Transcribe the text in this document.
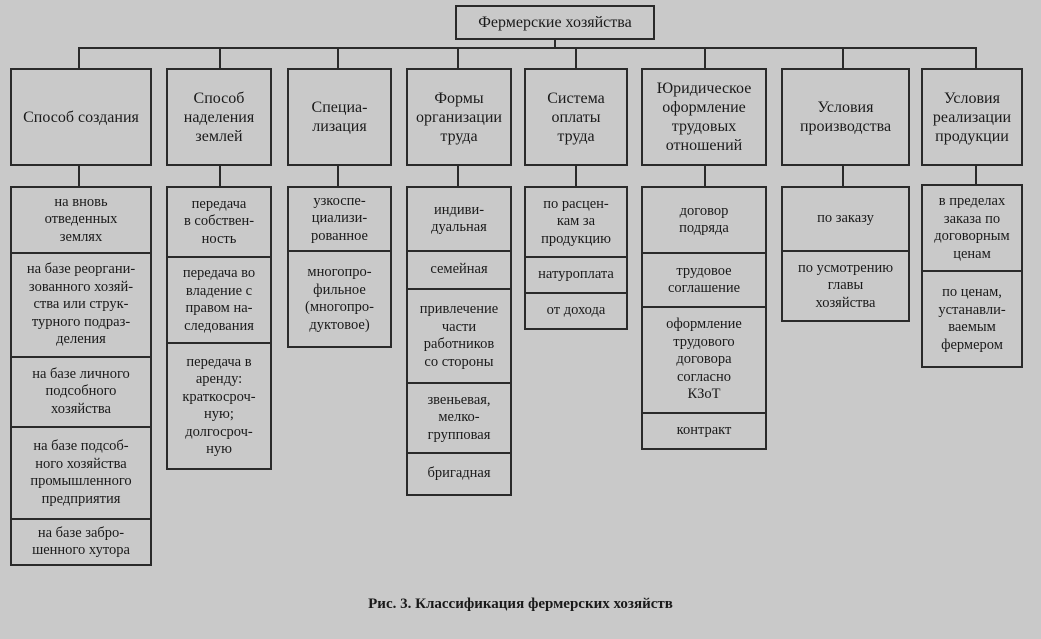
Фермерские хозяйства
Способ создания
на вновь
отведенных
землях
на базе реоргани-
зованного хозяй-
ства или струк-
турного подраз-
деления
на базе личного
подсобного
хозяйства
на базе подсоб-
ного хозяйства
промышленного
предприятия
на базе забро-
шенного хутора
Способ
наделения
землей
передача
в собствен-
ность
передача во
владение с
правом на-
следования
передача в
аренду:
краткосроч-
ную;
долгосроч-
ную
Специа-
лизация
узкоспе-
циализи-
рованное
многопро-
фильное
(многопро-
дуктовое)
Формы
организации
труда
индиви-
дуальная
семейная
привлечение
части
работников
со стороны
звеньевая,
мелко-
групповая
бригадная
Система
оплаты
труда
по расцен-
кам за
продукцию
натуроплата
от дохода
Юридическое
оформление
трудовых
отношений
договор
подряда
трудовое
соглашение
оформление
трудового
договора
согласно
КЗоТ
контракт
Условия
производства
по заказу
по усмотрению
главы
хозяйства
Условия
реализации
продукции
в пределах
заказа по
договорным
ценам
по ценам,
устанавли-
ваемым
фермером
Рис. 3. Классификация фермерских хозяйств
